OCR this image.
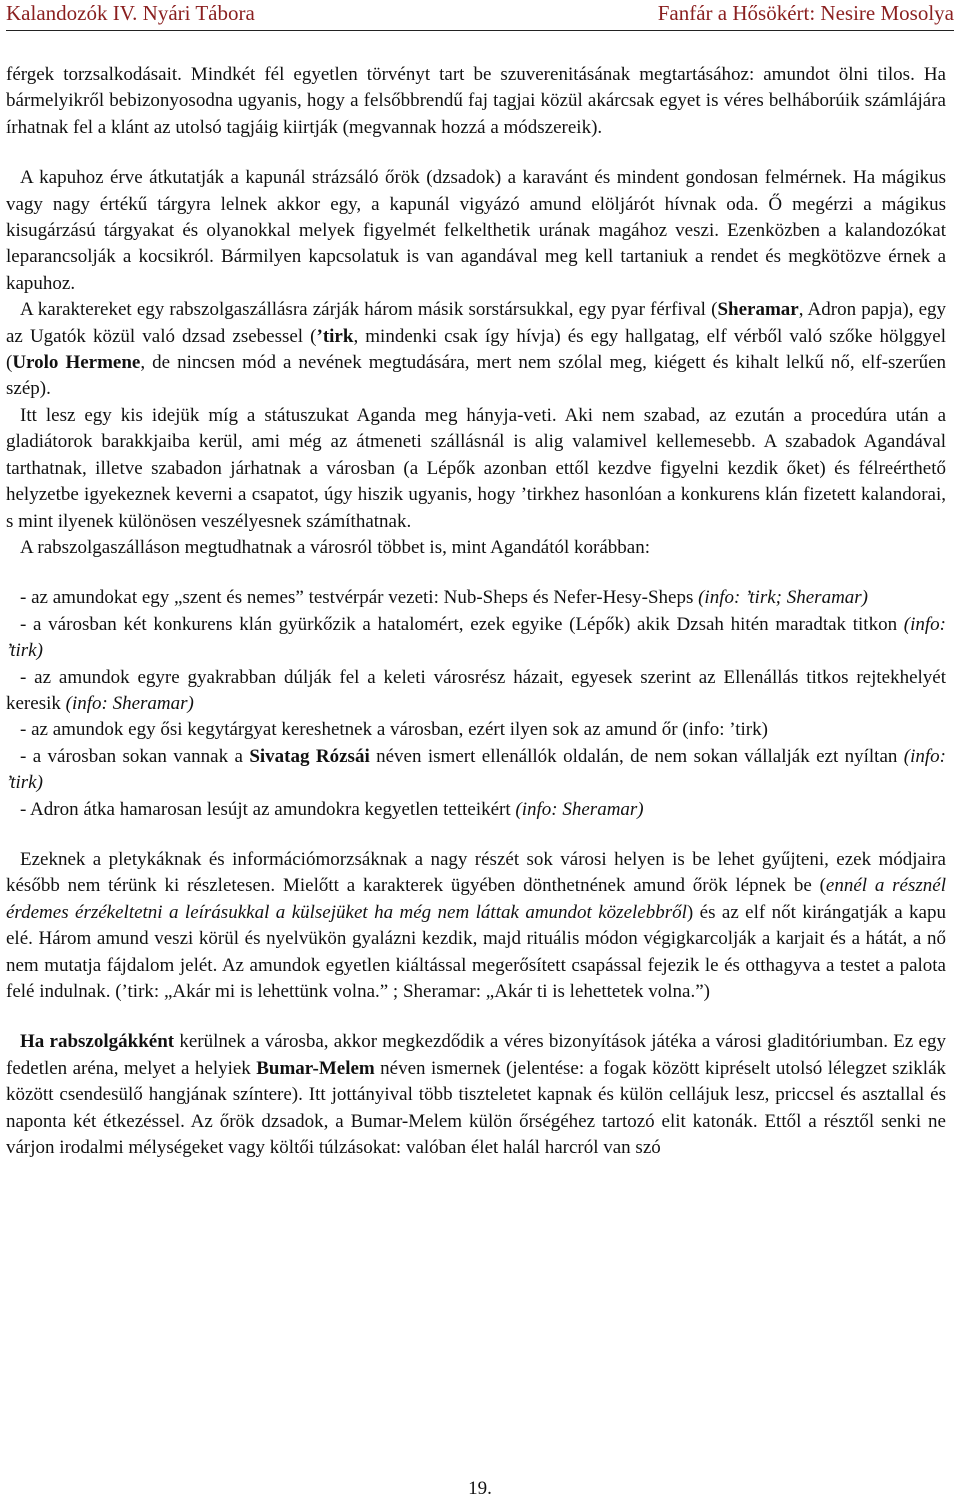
Kalandozók IV. Nyári Tábora	Fanfár a Hősökért: Nesire Mosolya

férgek torzsalkodásait. Mindkét fél egyetlen törvényt tart be szuverenitásának megtartásához: amundot ölni tilos. Ha bármelyikről bebizonyosodna ugyanis, hogy a felsőbbrendű faj tagjai közül akárcsak egyet is véres belháborúik számlájára írhatnak fel a klánt az utolsó tagjáig kiirtják (megvannak hozzá a módszereik).

A kapuhoz érve átkutatják a kapunál strázsáló őrök (dzsadok) a karavánt és mindent gondosan felmérnek. Ha mágikus vagy nagy értékű tárgyra lelnek akkor egy, a kapunál vigyázó amund elöljárót hívnak oda. Ő megérzi a mágikus kisugárzású tárgyakat és olyanokkal melyek figyelmét felkelthetik urának magához veszi. Ezenközben a kalandozókat leparancsolják a kocsikról. Bármilyen kapcsolatuk is van agandával meg kell tartaniuk a rendet és megkötözve érnek a kapuhoz.

A karaktereket egy rabszolgaszállásra zárják három másik sorstársukkal, egy pyar férfival (Sheramar, Adron papja), egy az Ugatók közül való dzsad zsebessel (’tirk, mindenki csak így hívja) és egy hallgatag, elf vérből való szőke hölggyel (Urolo Hermene, de nincsen mód a nevének megtudására, mert nem szólal meg, kiégett és kihalt lelkű nő, elf-szerűen szép).

Itt lesz egy kis idejük míg a státuszukat Aganda meg hányja-veti. Aki nem szabad, az ezután a procedúra után a gladiátorok barakkjaiba kerül, ami még az átmeneti szállásnál is alig valamivel kellemesebb. A szabadok Agandával tarthatnak, illetve szabadon járhatnak a városban (a Lépők azonban ettől kezdve figyelni kezdik őket) és félreérthető helyzetbe igyekeznek keverni a csapatot, úgy hiszik ugyanis, hogy ’tirkhez hasonlóan a konkurens klán fizetett kalandorai, s mint ilyenek különösen veszélyesnek számíthatnak.

A rabszolgaszálláson megtudhatnak a városról többet is, mint Agandától korábban:

- az amundokat egy „szent és nemes” testvérpár vezeti: Nub-Sheps és Nefer-Hesy-Sheps (info: ’tirk; Sheramar)

- a városban két konkurens klán gyürkőzik a hatalomért, ezek egyike (Lépők) akik Dzsah hitén maradtak titkon (info: ’tirk)

- az amundok egyre gyakrabban dúlják fel a keleti városrész házait, egyesek szerint az Ellenállás titkos rejtekhelyét keresik (info: Sheramar)

- az amundok egy ősi kegytárgyat kereshetnek a városban, ezért ilyen sok az amund őr (info: ’tirk)

- a városban sokan vannak a Sivatag Rózsái néven ismert ellenállók oldalán, de nem sokan vállalják ezt nyíltan (info: ’tirk)

- Adron átka hamarosan lesújt az amundokra kegyetlen tetteikért (info: Sheramar)

Ezeknek a pletykáknak és információmorzsáknak a nagy részét sok városi helyen is be lehet gyűjteni, ezek módjaira később nem térünk ki részletesen. Mielőtt a karakterek ügyében dönthetnének amund őrök lépnek be (ennél a résznél érdemes érzékeltetni a leírásukkal a külsejüket ha még nem láttak amundot közelebbről) és az elf nőt kirángatják a kapu elé. Három amund veszi körül és nyelvükön gyalázni kezdik, majd rituális módon végigkarcolják a karjait és a hátát, a nő nem mutatja fájdalom jelét. Az amundok egyetlen kiáltással megerősített csapással fejezik le és otthagyva a testet a palota felé indulnak. (’tirk: „Akár mi is lehettünk volna.” ; Sheramar: „Akár ti is lehettetek volna.”)

Ha rabszolgákként kerülnek a városba, akkor megkezdődik a véres bizonyítások játéka a városi gladitóriumban. Ez egy fedetlen aréna, melyet a helyiek Bumar-Melem néven ismernek (jelentése: a fogak között kipréselt utolsó lélegzet sziklák között csendesülő hangjának színtere). Itt jottányival több tiszteletet kapnak és külön cellájuk lesz, priccsel és asztallal és naponta két étkezéssel. Az őrök dzsadok, a Bumar-Melem külön őrségéhez tartozó elit katonák. Ettől a résztől senki ne várjon irodalmi mélységeket vagy költői túlzásokat: valóban élet halál harcról van szó

19.
